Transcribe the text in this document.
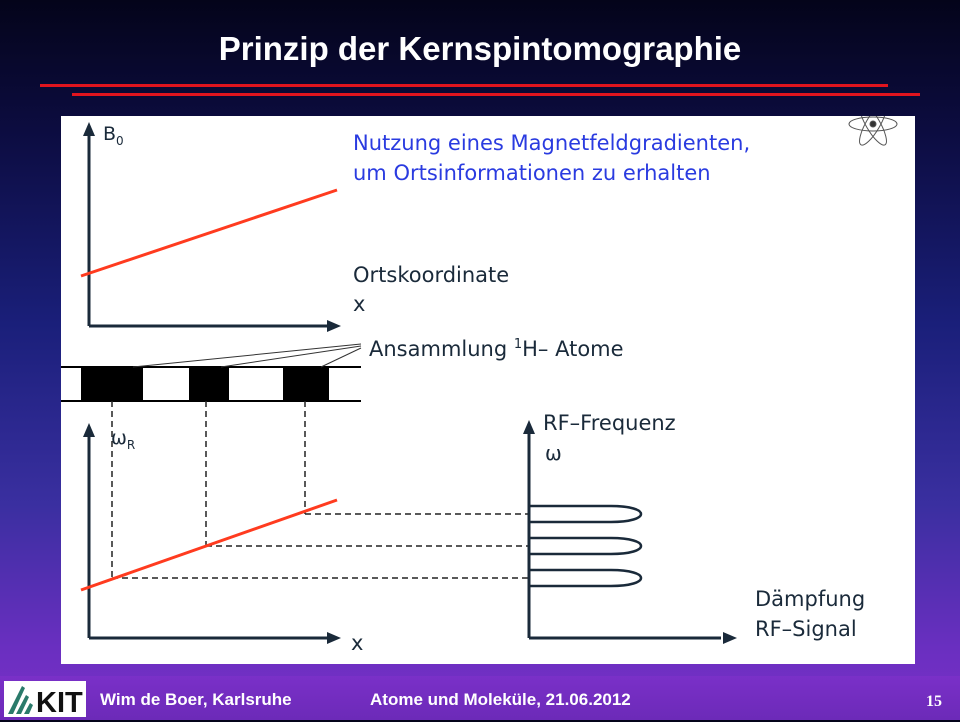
Prinzip der Kernspintomographie
$B_0$	Nutzung eines Magnetfeldgradienten,
um Ortsinformationen zu erhalten
Ortskoordinate
x
Ansammlung $^1$H– Atome
$\omega_R$
x
RF–Frequenz
ω
Dämpfung
RF–Signal
KIT Wim de Boer, Karlsruhe	Atome und Moleküle, 21.06.2012	15
